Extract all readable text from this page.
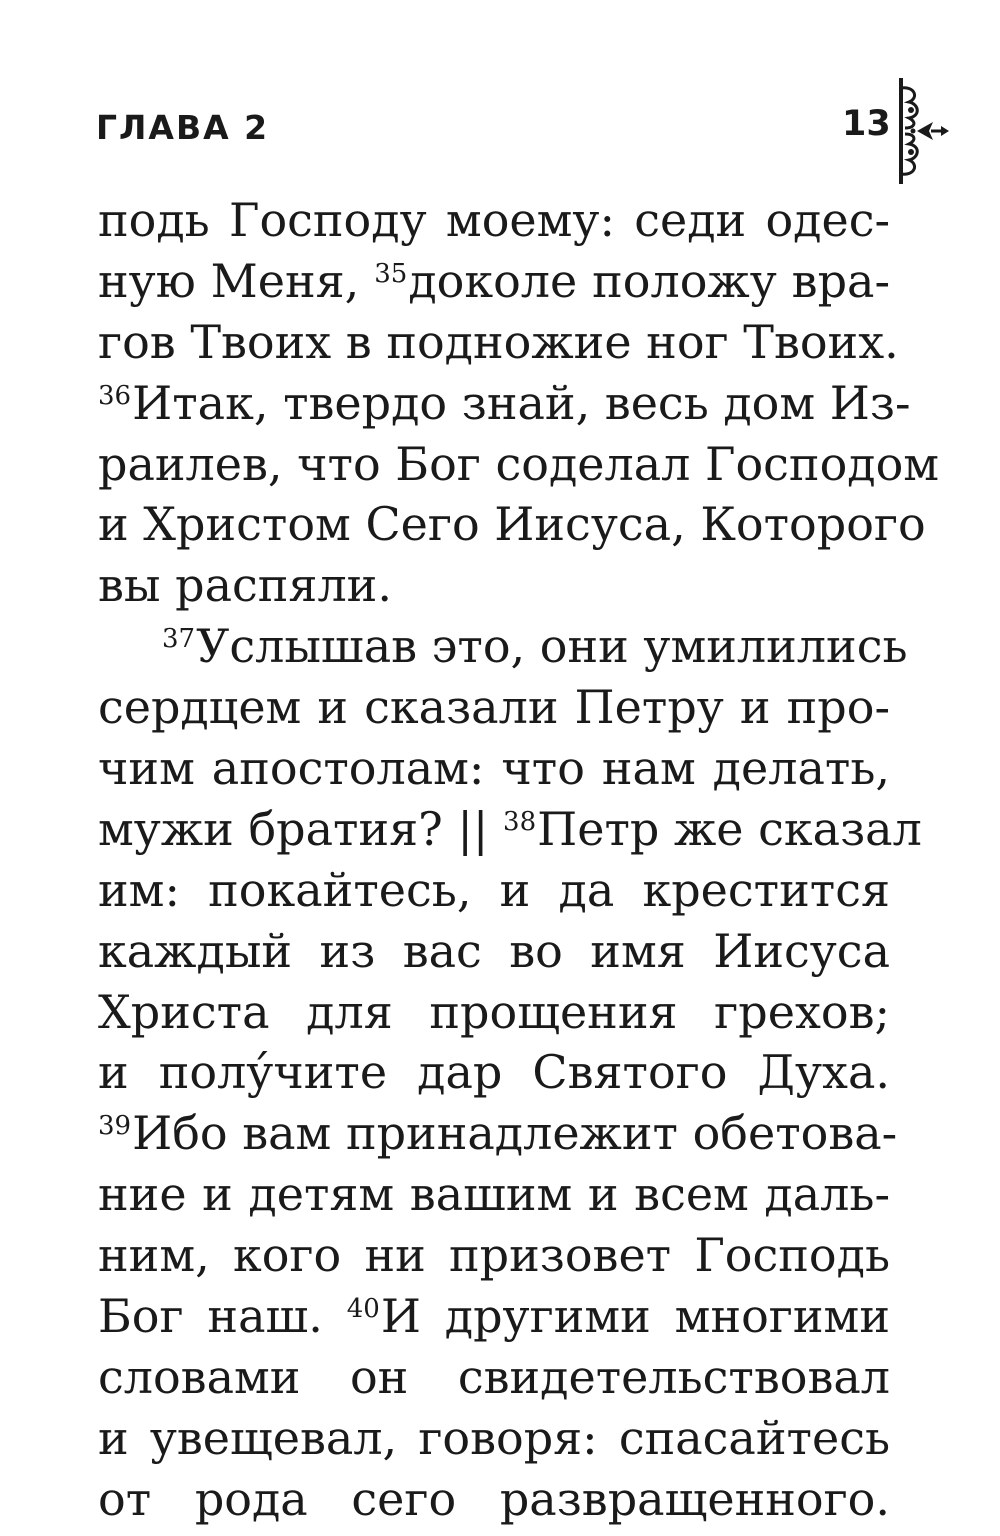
ГЛАВА 2	13
подь Господу моему: седи одес-
ную Меня, $^{35}$доколе положу вра-
гов Твоих в подножие ног Твоих.
$^{36}$Итак, твердо знай, весь дом Из-
раилев, что Бог соделал Господом
и Христом Сего Иисуса, Которого
вы распяли.
$^{37}$Услышав это, они умилились
сердцем и сказали Петру и про-
чим апостолам: что нам делать,
мужи братия? || $^{38}$Петр же сказал
им: покайтесь, и да крестится
каждый из вас во имя Иисуса
Христа для прощения грехов;
и полу́чите дар Святого Духа.
$^{39}$Ибо вам принадлежит обетова-
ние и детям вашим и всем даль-
ним, кого ни призовет Господь
Бог наш. $^{40}$И другими многими
словами он свидетельствовал
и увещевал, говоря: спасайтесь
от рода сего развращенного.
